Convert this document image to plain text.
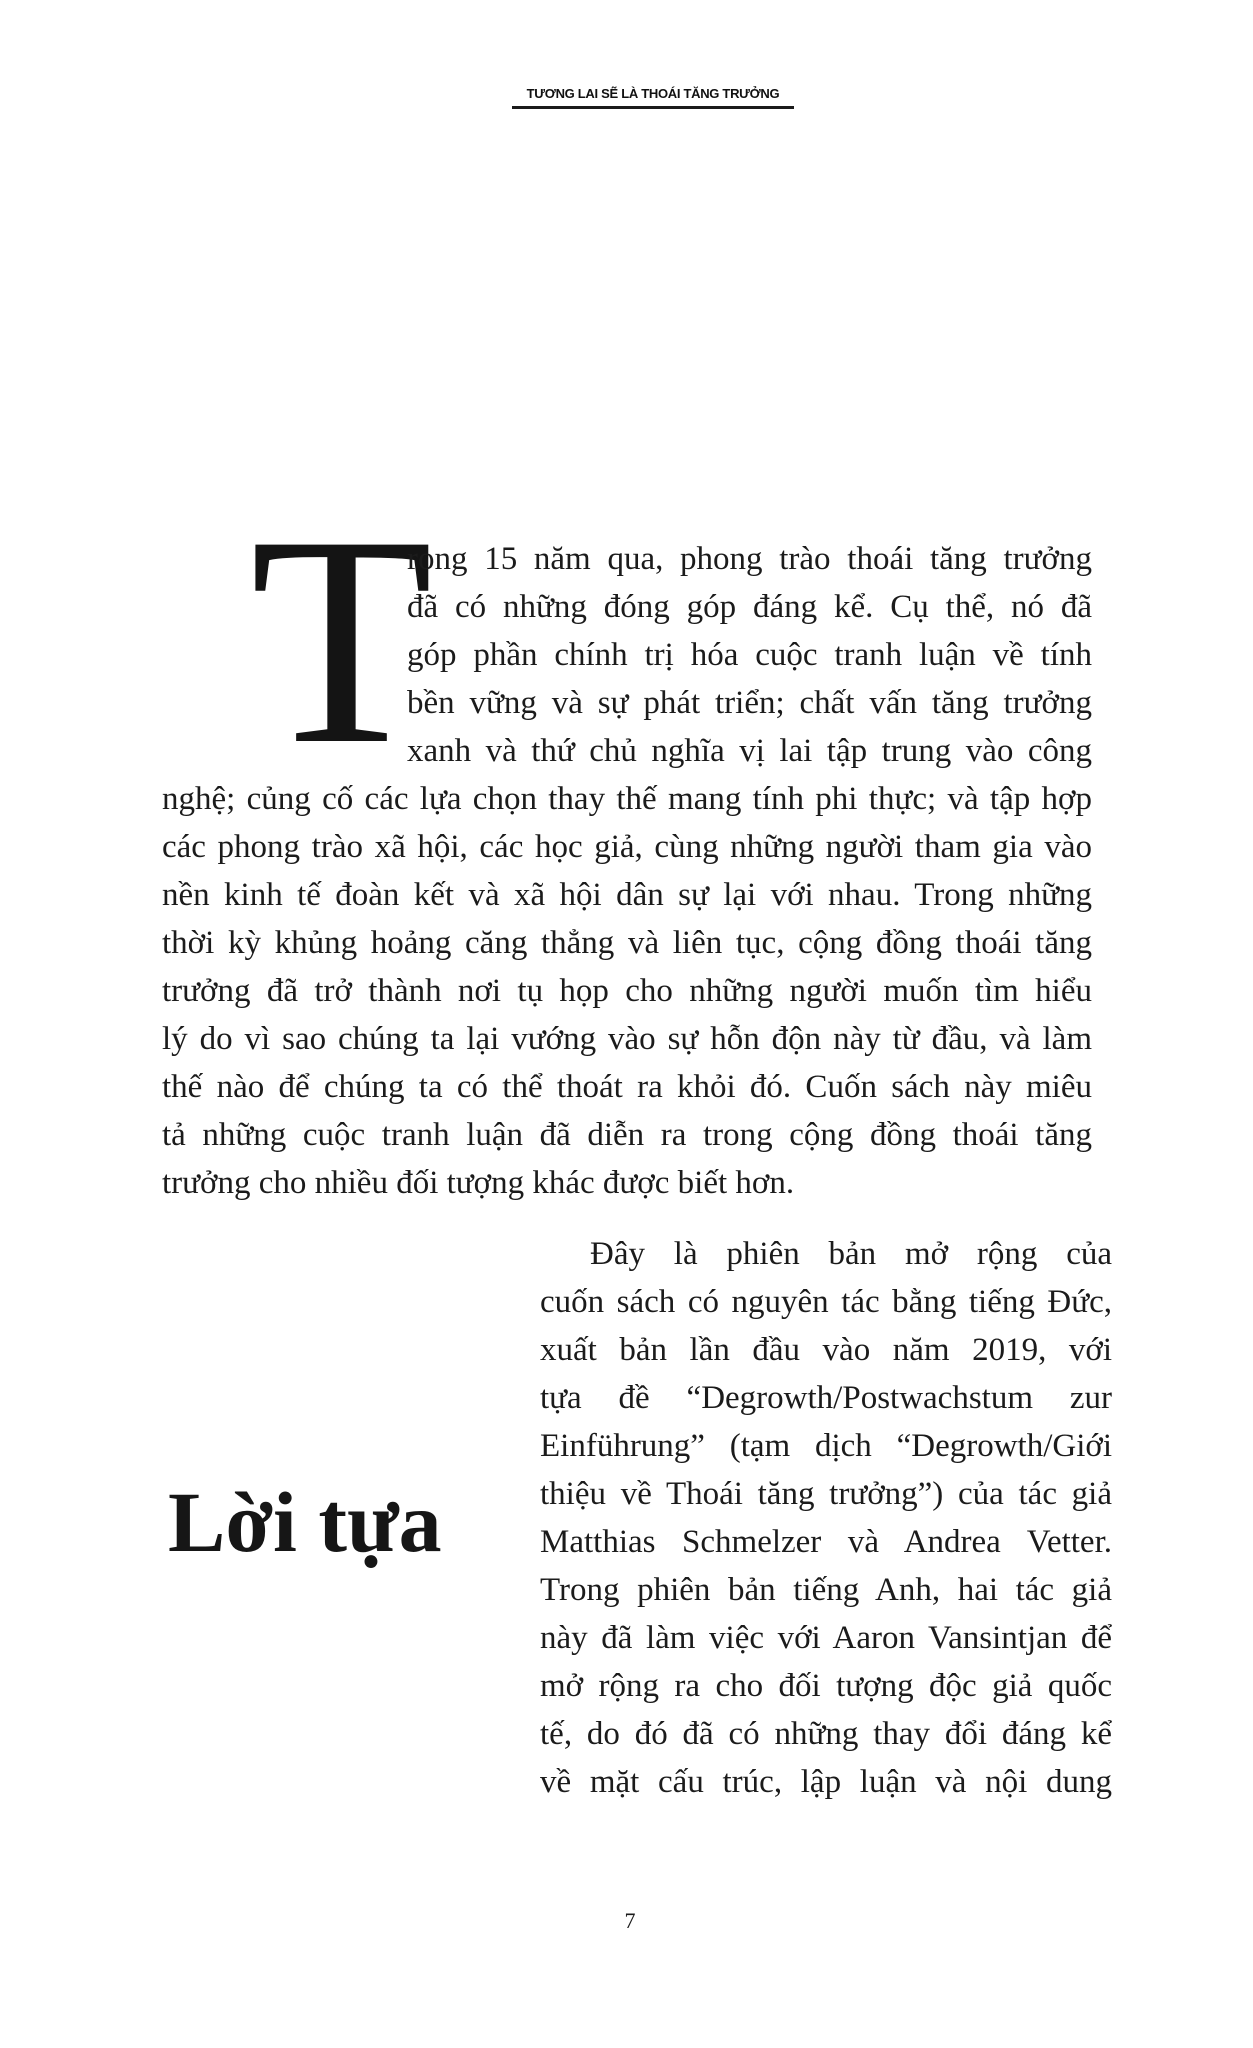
TƯƠNG LAI SẼ LÀ THOÁI TĂNG TRƯỞNG
T
rong 15 năm qua, phong trào thoái tăng trưởng
đã có những đóng góp đáng kể. Cụ thể, nó đã
góp phần chính trị hóa cuộc tranh luận về tính
bền vững và sự phát triển; chất vấn tăng trưởng
xanh và thứ chủ nghĩa vị lai tập trung vào công
nghệ; củng cố các lựa chọn thay thế mang tính phi thực; và tập hợp
các phong trào xã hội, các học giả, cùng những người tham gia vào
nền kinh tế đoàn kết và xã hội dân sự lại với nhau. Trong những
thời kỳ khủng hoảng căng thẳng và liên tục, cộng đồng thoái tăng
trưởng đã trở thành nơi tụ họp cho những người muốn tìm hiểu
lý do vì sao chúng ta lại vướng vào sự hỗn độn này từ đầu, và làm
thế nào để chúng ta có thể thoát ra khỏi đó. Cuốn sách này miêu
tả những cuộc tranh luận đã diễn ra trong cộng đồng thoái tăng
trưởng cho nhiều đối tượng khác được biết hơn.
Lời tựa
Đây là phiên bản mở rộng của
cuốn sách có nguyên tác bằng tiếng Đức,
xuất bản lần đầu vào năm 2019, với
tựa đề “Degrowth/Postwachstum zur
Einführung” (tạm dịch “Degrowth/Giới
thiệu về Thoái tăng trưởng”) của tác giả
Matthias Schmelzer và Andrea Vetter.
Trong phiên bản tiếng Anh, hai tác giả
này đã làm việc với Aaron Vansintjan để
mở rộng ra cho đối tượng độc giả quốc
tế, do đó đã có những thay đổi đáng kể
về mặt cấu trúc, lập luận và nội dung
7
